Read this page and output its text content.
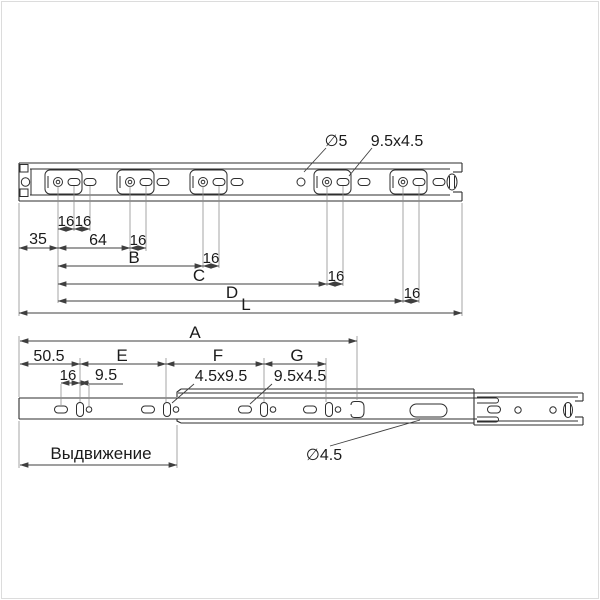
∅5 9.5x4.5
16 16
35	64 16
B	16
C	16
D	16
L
A
50.5	E	F	G
16 9.5	4.5x9.5 9.5x4.5
∅4.5
Выдвижение
